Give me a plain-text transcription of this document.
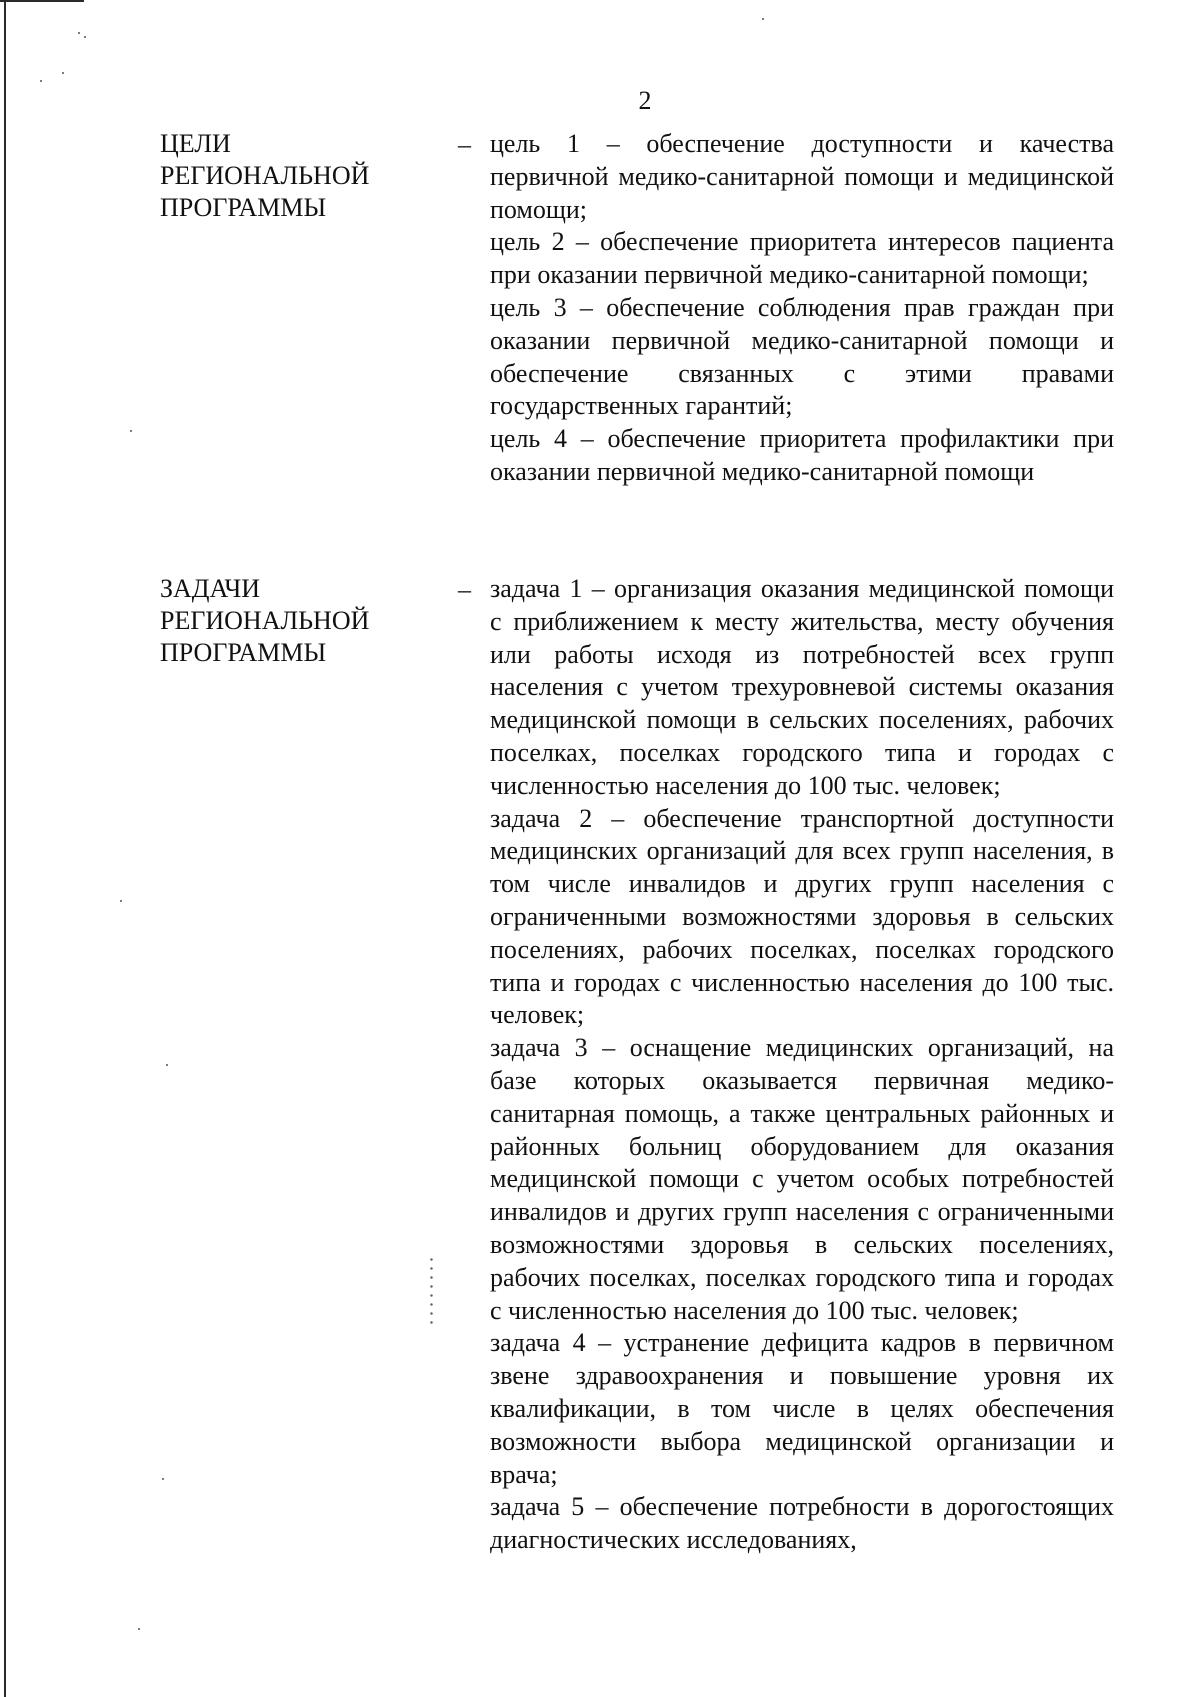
2
ЦЕЛИ
РЕГИОНАЛЬНОЙ
ПРОГРАММЫ
– цель 1 – обеспечение доступности и качества первичной медико-санитарной помощи и медицинской помощи;

цель 2 – обеспечение приоритета интересов пациента при оказании первичной медико-санитарной помощи;

цель 3 – обеспечение соблюдения прав граждан при оказании первичной медико-санитарной помощи и обеспечение связанных с этими правами государственных гарантий;

цель 4 – обеспечение приоритета профилактики при оказании первичной медико-санитарной помощи

ЗАДАЧИ
РЕГИОНАЛЬНОЙ
ПРОГРАММЫ
– задача 1 – организация оказания медицинской помощи с приближением к месту жительства, месту обучения или работы исходя из потребностей всех групп населения с учетом трехуровневой системы оказания медицинской помощи в сельских поселениях, рабочих поселках, поселках городского типа и городах с численностью населения до 100 тыс. человек;

задача 2 – обеспечение транспортной доступности медицинских организаций для всех групп населения, в том числе инвалидов и других групп населения с ограниченными возможностями здоровья в сельских поселениях, рабочих поселках, поселках городского типа и городах с численностью населения до 100 тыс. человек;

задача 3 – оснащение медицинских организаций, на базе которых оказывается первичная медико-санитарная помощь, а также центральных районных и районных больниц оборудованием для оказания медицинской помощи с учетом особых потребностей инвалидов и других групп населения с ограниченными возможностями здоровья в сельских поселениях, рабочих поселках, поселках городского типа и городах с численностью населения до 100 тыс. человек;

задача 4 – устранение дефицита кадров в первичном звене здравоохранения и повышение уровня их квалификации, в том числе в целях обеспечения возможности выбора медицинской организации и врача;

задача 5 – обеспечение потребности в дорогостоящих диагностических исследованиях,
